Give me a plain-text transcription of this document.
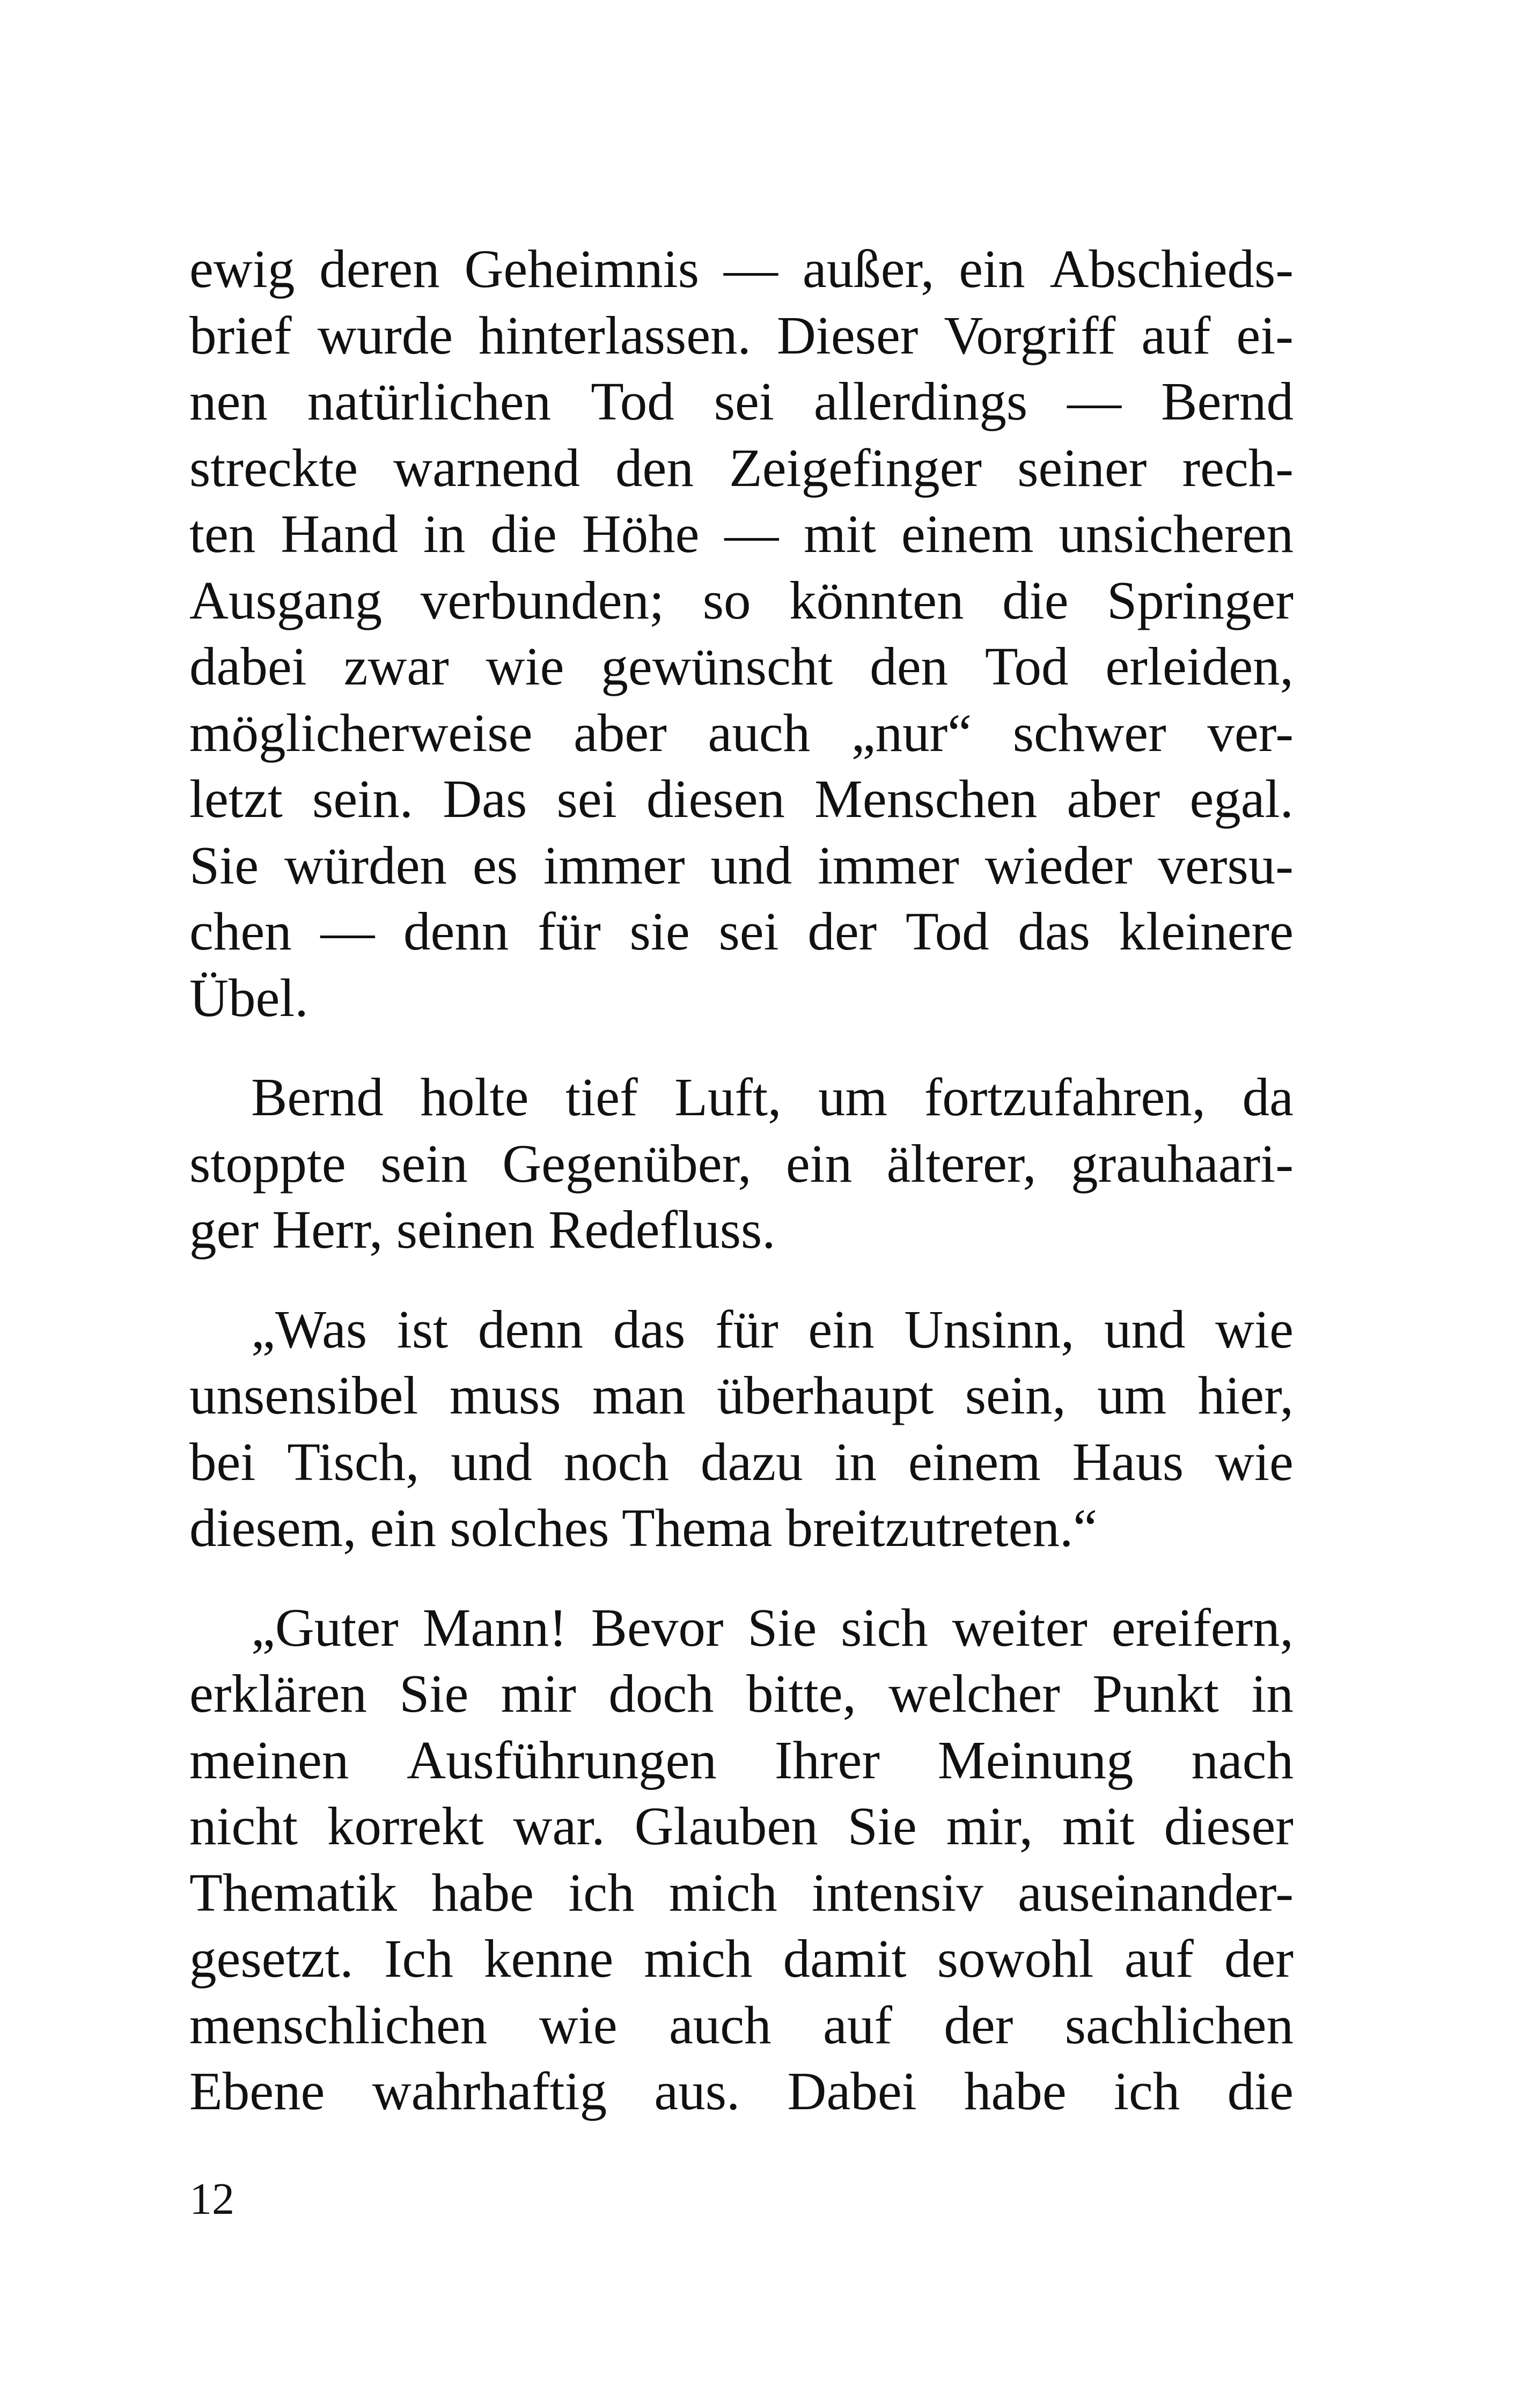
ewig deren Geheimnis — außer, ein Abschieds-
brief wurde hinterlassen. Dieser Vorgriff auf ei-
nen natürlichen Tod sei allerdings — Bernd
streckte warnend den Zeigefinger seiner rech-
ten Hand in die Höhe — mit einem unsicheren
Ausgang verbunden; so könnten die Springer
dabei zwar wie gewünscht den Tod erleiden,
möglicherweise aber auch „nur“ schwer ver-
letzt sein. Das sei diesen Menschen aber egal.
Sie würden es immer und immer wieder versu-
chen — denn für sie sei der Tod das kleinere
Übel.
Bernd holte tief Luft, um fortzufahren, da
stoppte sein Gegenüber, ein älterer, grauhaari-
ger Herr, seinen Redefluss.
„Was ist denn das für ein Unsinn, und wie
unsensibel muss man überhaupt sein, um hier,
bei Tisch, und noch dazu in einem Haus wie
diesem, ein solches Thema breitzutreten.“
„Guter Mann! Bevor Sie sich weiter ereifern,
erklären Sie mir doch bitte, welcher Punkt in
meinen Ausführungen Ihrer Meinung nach
nicht korrekt war. Glauben Sie mir, mit dieser
Thematik habe ich mich intensiv auseinander-
gesetzt. Ich kenne mich damit sowohl auf der
menschlichen wie auch auf der sachlichen
Ebene wahrhaftig aus. Dabei habe ich die
12
